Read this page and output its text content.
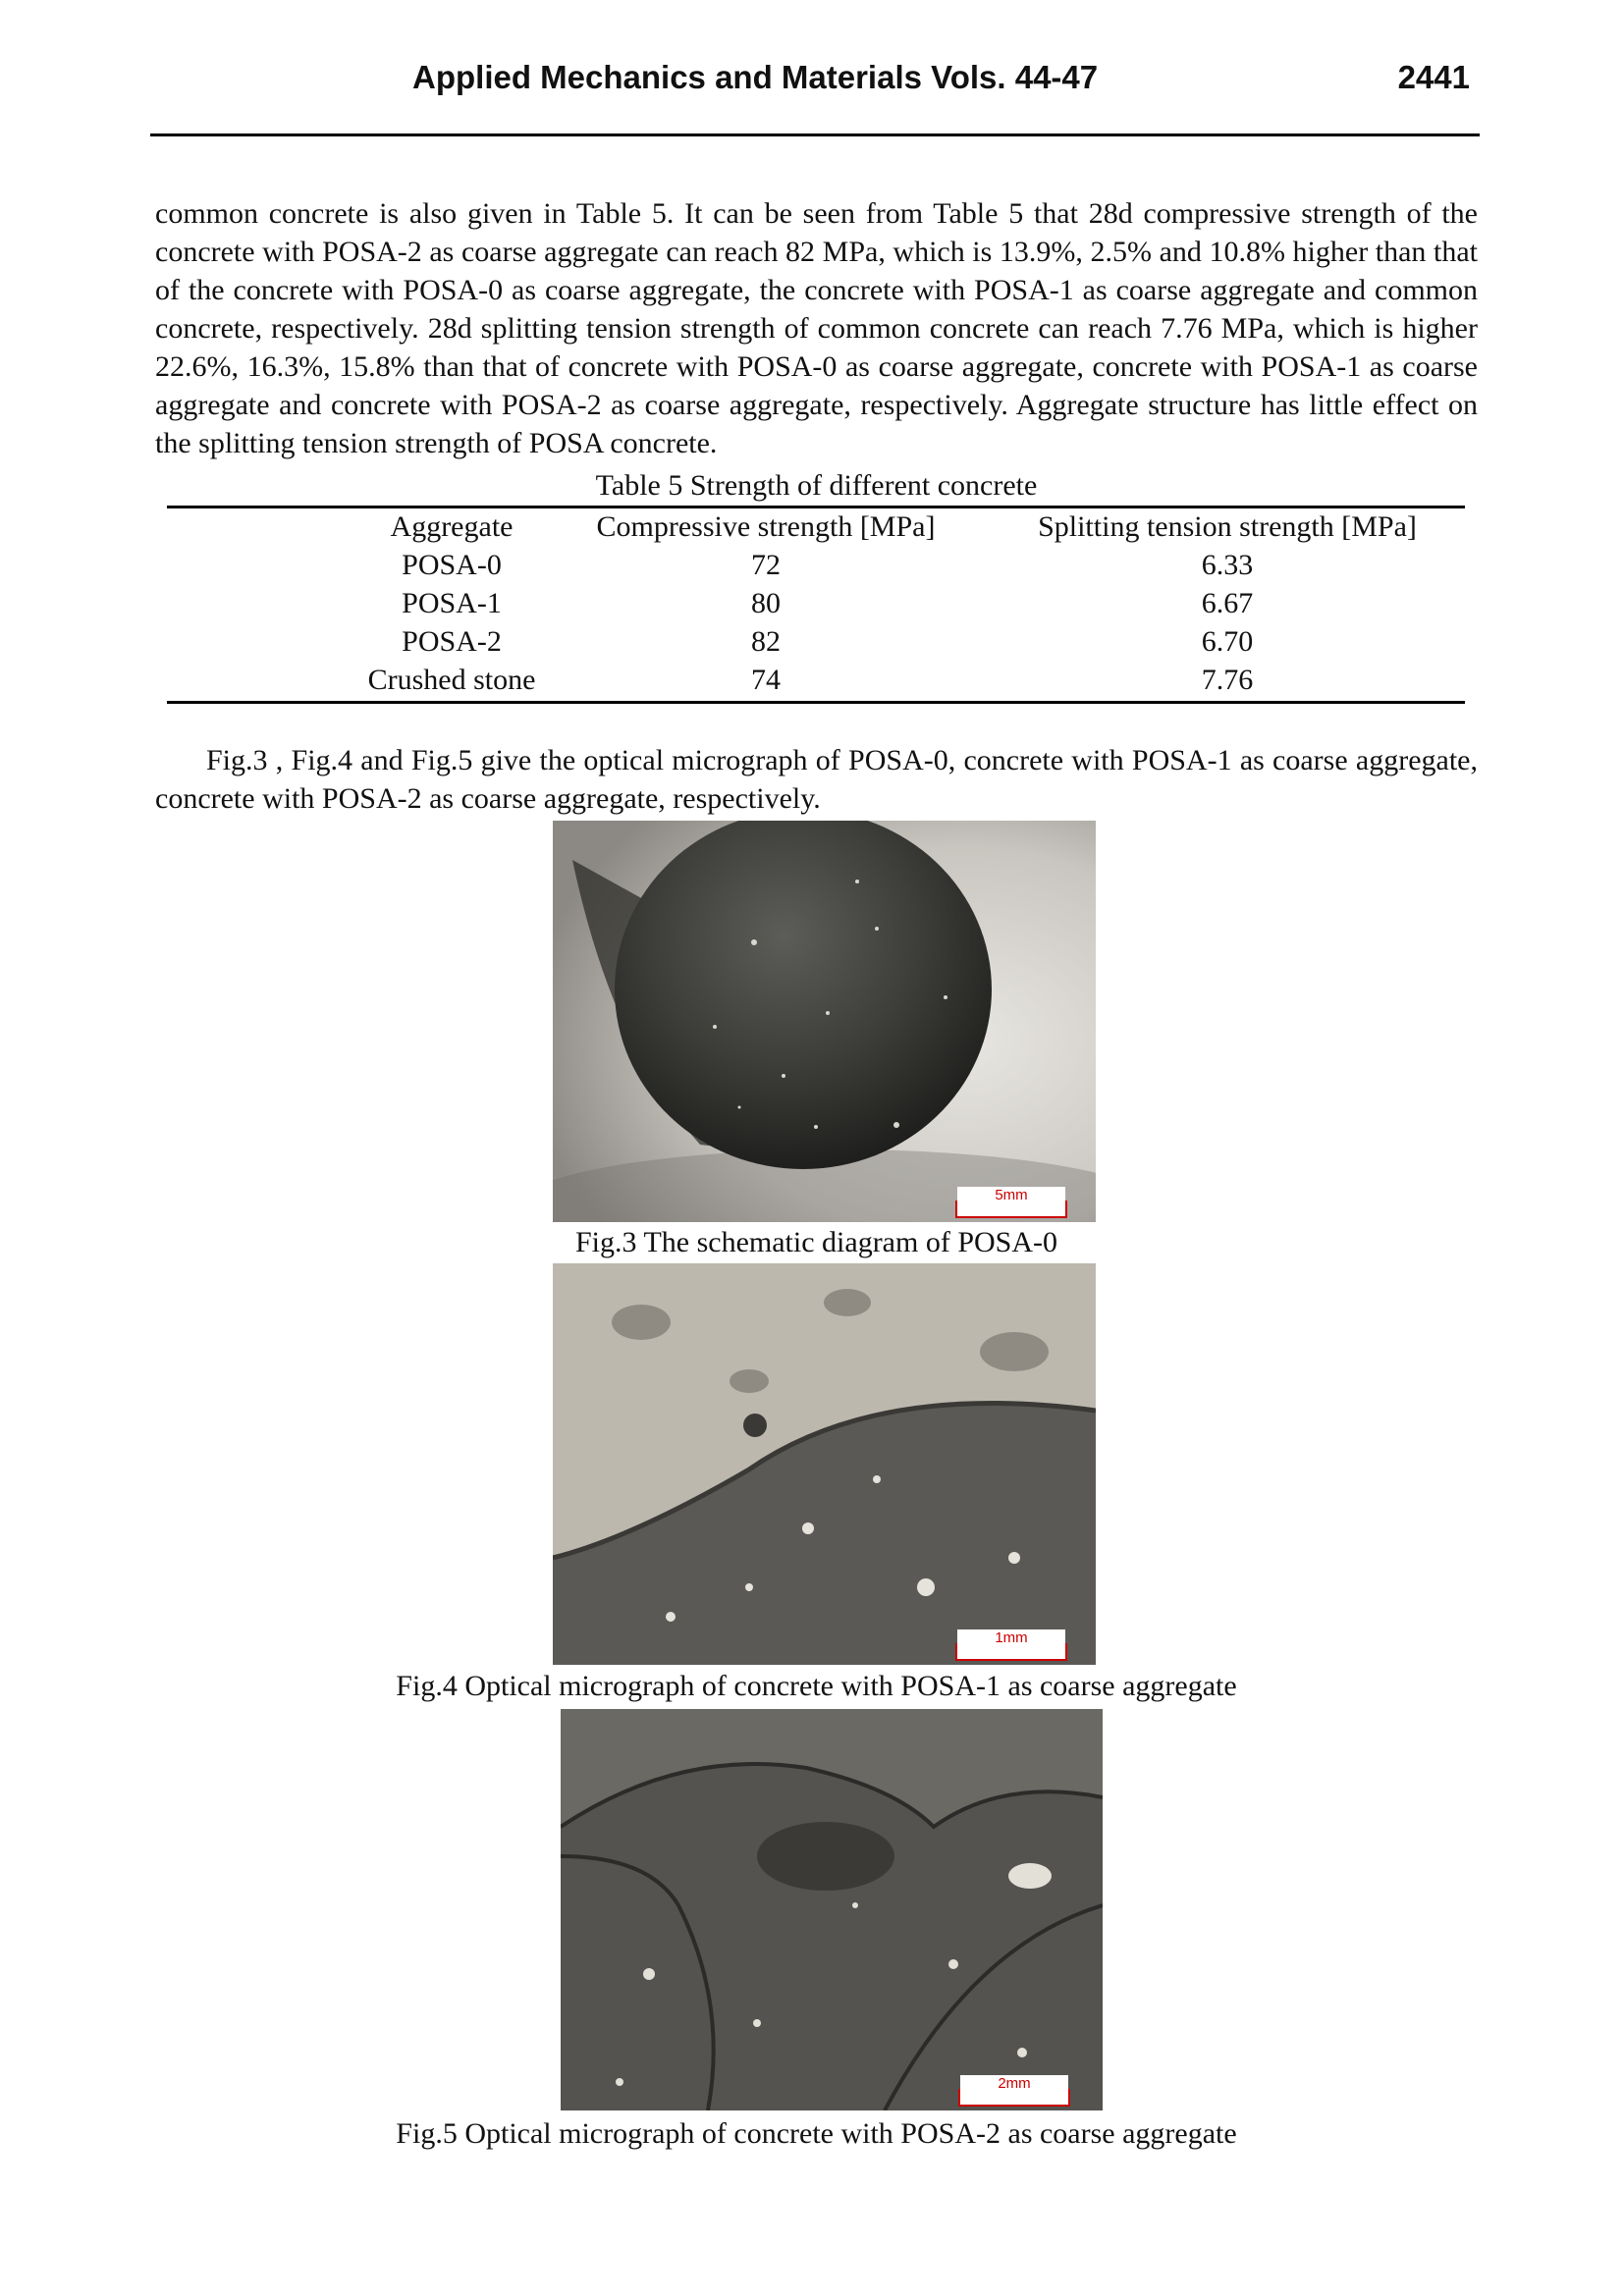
Applied Mechanics and Materials Vols. 44-47	2441
common concrete is also given in Table 5. It can be seen from Table 5 that 28d compressive strength of the concrete with POSA-2 as coarse aggregate can reach 82 MPa, which is 13.9%, 2.5% and 10.8% higher than that of the concrete with POSA-0 as coarse aggregate, the concrete with POSA-1 as coarse aggregate and common concrete, respectively. 28d splitting tension strength of common concrete can reach 7.76 MPa, which is higher 22.6%, 16.3%, 15.8% than that of concrete with POSA-0 as coarse aggregate, concrete with POSA-1 as coarse aggregate and concrete with POSA-2 as coarse aggregate, respectively. Aggregate structure has little effect on the splitting tension strength of POSA concrete.
Table 5 Strength of different concrete
Aggregate	Compressive strength [MPa]	Splitting tension strength [MPa]
POSA-0	72	6.33
POSA-1	80	6.67
POSA-2	82	6.70
Crushed stone	74	7.76
Fig.3 , Fig.4 and Fig.5 give the optical micrograph of POSA-0, concrete with POSA-1 as coarse aggregate, concrete with POSA-2 as coarse aggregate, respectively.
5mm
Fig.3 The schematic diagram of POSA-0
1mm
Fig.4 Optical micrograph of concrete with POSA-1 as coarse aggregate
2mm
Fig.5 Optical micrograph of concrete with POSA-2 as coarse aggregate
